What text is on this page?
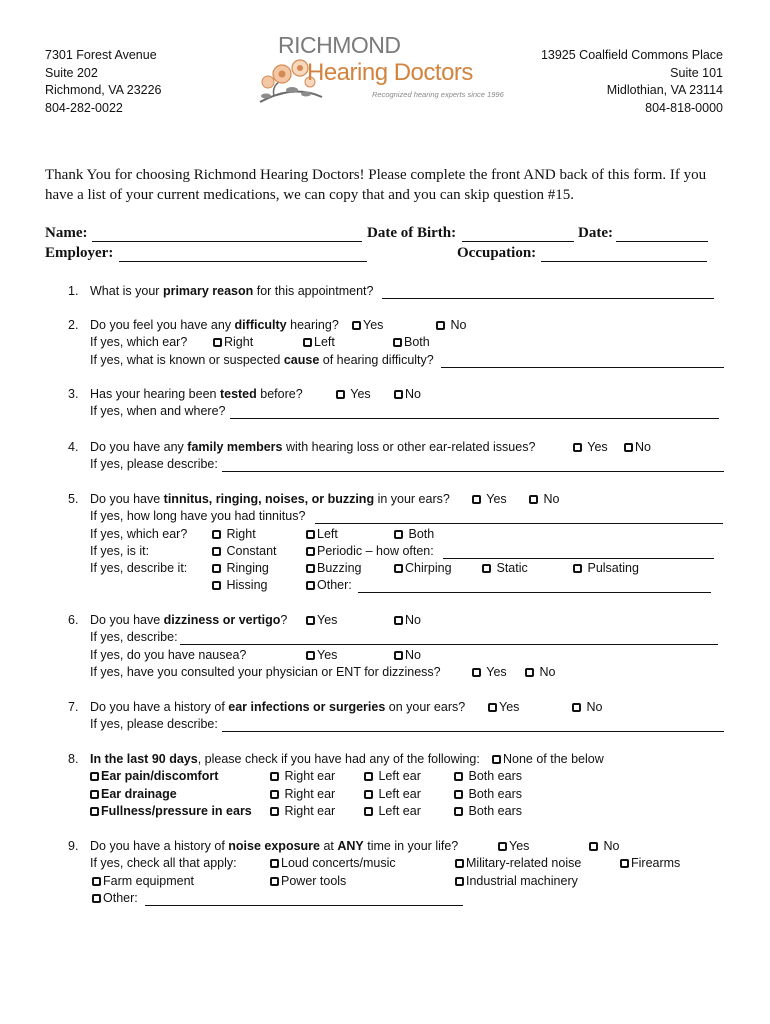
7301 Forest Avenue
Suite 202
Richmond, VA 23226
804-282-0022
RICHMOND
Hearing Doctors
Recognized hearing experts since 1996
13925 Coalfield Commons Place
Suite 101
Midlothian, VA 23114
804-818-0000
Thank You for choosing Richmond Hearing Doctors! Please complete the front AND back of this form. If you have a list of your current medications, we can copy that and you can skip question #15.
Name:	Date of Birth:	Date:
Employer:	Occupation:
1. What is your primary reason for this appointment?
2. Do you feel you have any difficulty hearing?	Yes	No
If yes, which ear?	Right	Left	Both
If yes, what is known or suspected cause of hearing difficulty?
3. Has your hearing been tested before?	Yes	No
If yes, when and where?
4. Do you have any family members with hearing loss or other ear-related issues?	Yes	No
If yes, please describe:
5. Do you have tinnitus, ringing, noises, or buzzing in your ears?	Yes	No
If yes, how long have you had tinnitus?
If yes, which ear?	Right	Left	Both
If yes, is it:	Constant	Periodic – how often:
If yes, describe it:	Ringing	Buzzing	Chirping	Static	Pulsating
Hissing	Other:
6. Do you have dizziness or vertigo?	Yes	No
If yes, describe:
If yes, do you have nausea?	Yes	No
If yes, have you consulted your physician or ENT for dizziness?	Yes	No
7. Do you have a history of ear infections or surgeries on your ears?	Yes	No
If yes, please describe:
8. In the last 90 days, please check if you have had any of the following:	None of the below
Ear pain/discomfort	Right ear	Left ear	Both ears
Ear drainage	Right ear	Left ear	Both ears
Fullness/pressure in ears	Right ear	Left ear	Both ears
9. Do you have a history of noise exposure at ANY time in your life?	Yes	No
If yes, check all that apply:	Loud concerts/music	Military-related noise	Firearms
Farm equipment	Power tools	Industrial machinery
Other:
